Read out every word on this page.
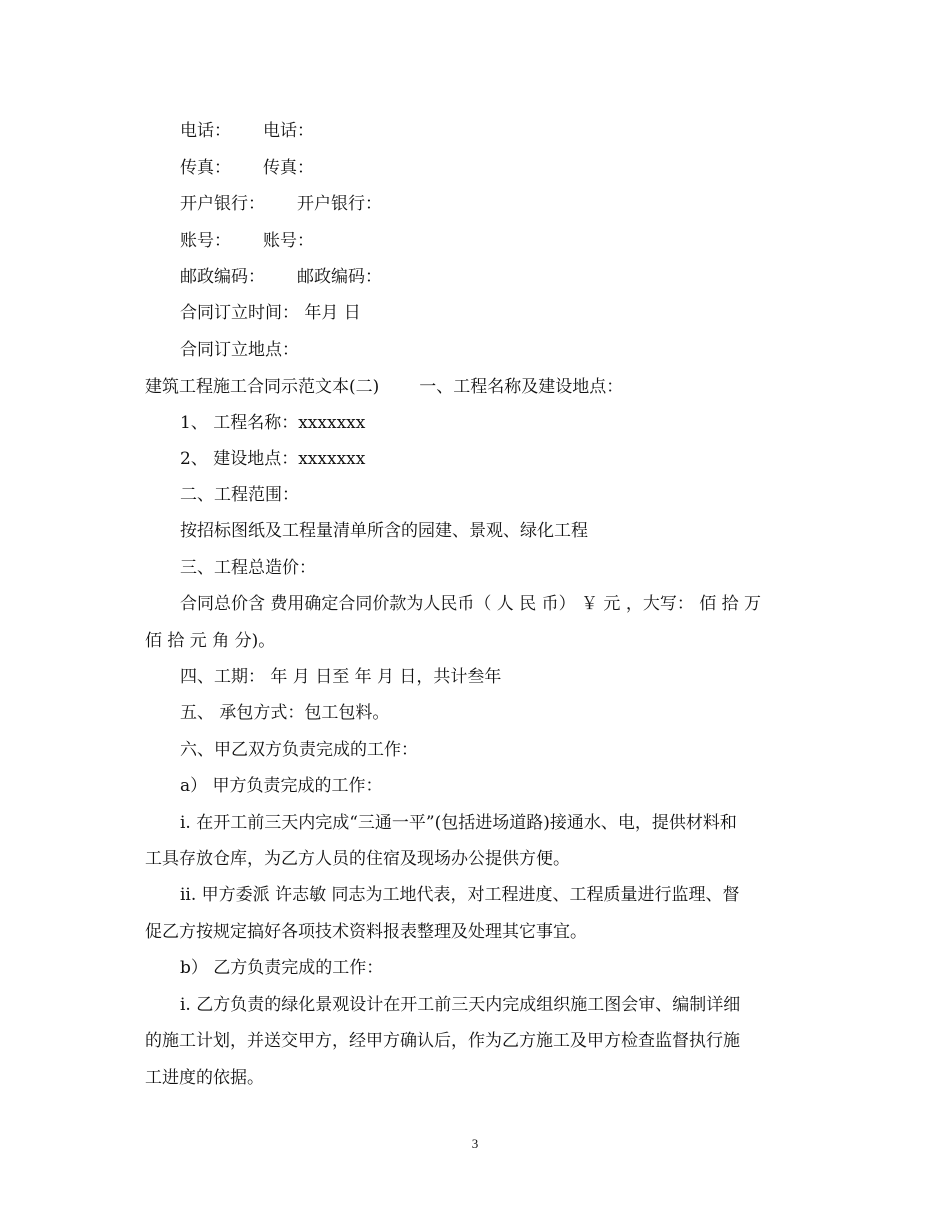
电话： 电话：
传真： 传真：
开户银行： 开户银行：
账号： 账号：
邮政编码： 邮政编码：
合同订立时间： 年月 日
合同订立地点：
建筑工程施工合同示范文本(二) 一、工程名称及建设地点：
1、 工程名称：xxxxxxx
2、 建设地点：xxxxxxx
二、工程范围：
按招标图纸及工程量清单所含的园建、景观、绿化工程
三、工程总造价：
合同总价含 费用确定合同价款为人民币（ 人 民 币） ￥ 元 ，大写： 佰 拾 万
佰 拾 元 角 分)。
四、工期： 年 月 日至 年 月 日，共计叁年
五、 承包方式：包工包料。
六、甲乙双方负责完成的工作：
a） 甲方负责完成的工作：
i. 在开工前三天内完成“三通一平”(包括进场道路)接通水、电，提供材料和
工具存放仓库，为乙方人员的住宿及现场办公提供方便。
ii. 甲方委派 许志敏 同志为工地代表，对工程进度、工程质量进行监理、督
促乙方按规定搞好各项技术资料报表整理及处理其它事宜。
b） 乙方负责完成的工作：
i. 乙方负责的绿化景观设计在开工前三天内完成组织施工图会审、编制详细
的施工计划，并送交甲方，经甲方确认后，作为乙方施工及甲方检查监督执行施
工进度的依据。
3
